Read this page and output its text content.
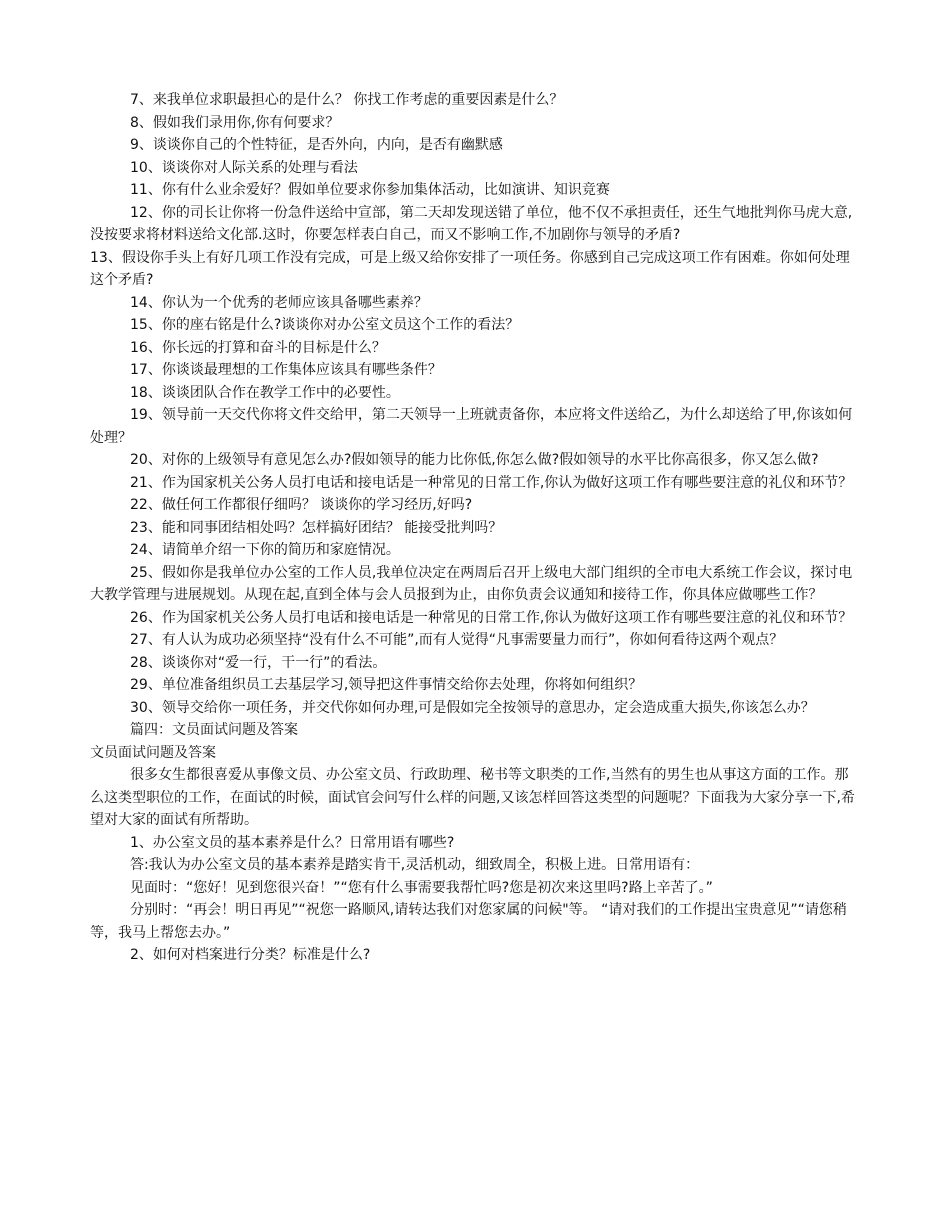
7、来我单位求职最担心的是什么？ 你找工作考虑的重要因素是什么？

8、假如我们录用你,你有何要求？

9、谈谈你自己的个性特征，是否外向，内向，是否有幽默感

10、谈谈你对人际关系的处理与看法

11、你有什么业余爱好？假如单位要求你参加集体活动，比如演讲、知识竞赛

12、你的司长让你将一份急件送给中宣部，第二天却发现送错了单位，他不仅不承担责任，还生气地批判你马虎大意,没按要求将材料送给文化部.这时，你要怎样表白自己，而又不影响工作,不加剧你与领导的矛盾?

13、假设你手头上有好几项工作没有完成，可是上级又给你安排了一项任务。你感到自己完成这项工作有困难。你如何处理这个矛盾?

14、你认为一个优秀的老师应该具备哪些素养？

15、你的座右铭是什么?谈谈你对办公室文员这个工作的看法？

16、你长远的打算和奋斗的目标是什么？

17、你谈谈最理想的工作集体应该具有哪些条件？

18、谈谈团队合作在教学工作中的必要性。

19、领导前一天交代你将文件交给甲，第二天领导一上班就责备你，本应将文件送给乙，为什么却送给了甲,你该如何处理？

20、对你的上级领导有意见怎么办?假如领导的能力比你低,你怎么做?假如领导的水平比你高很多，你又怎么做?

21、作为国家机关公务人员打电话和接电话是一种常见的日常工作,你认为做好这项工作有哪些要注意的礼仪和环节？

22、做任何工作都很仔细吗？ 谈谈你的学习经历,好吗?

23、能和同事团结相处吗？怎样搞好团结？ 能接受批判吗？

24、请简单介绍一下你的简历和家庭情况。

25、假如你是我单位办公室的工作人员,我单位决定在两周后召开上级电大部门组织的全市电大系统工作会议，探讨电大教学管理与进展规划。从现在起,直到全体与会人员报到为止，由你负责会议通知和接待工作，你具体应做哪些工作？

26、作为国家机关公务人员打电话和接电话是一种常见的日常工作,你认为做好这项工作有哪些要注意的礼仪和环节？

27、有人认为成功必须坚持“没有什么不可能”,而有人觉得“凡事需要量力而行”，你如何看待这两个观点？

28、谈谈你对“爱一行，干一行”的看法。

29、单位准备组织员工去基层学习,领导把这件事情交给你去处理，你将如何组织？

30、领导交给你一项任务，并交代你如何办理,可是假如完全按领导的意思办，定会造成重大损失,你该怎么办？

篇四：文员面试问题及答案

文员面试问题及答案

很多女生都很喜爱从事像文员、办公室文员、行政助理、秘书等文职类的工作,当然有的男生也从事这方面的工作。那么这类型职位的工作，在面试的时候，面试官会问写什么样的问题,又该怎样回答这类型的问题呢？下面我为大家分享一下,希望对大家的面试有所帮助。

1、办公室文员的基本素养是什么？日常用语有哪些?

答:我认为办公室文员的基本素养是踏实肯干,灵活机动，细致周全，积极上进。日常用语有：

见面时：“您好！见到您很兴奋！”“您有什么事需要我帮忙吗?您是初次来这里吗?路上辛苦了。”

分别时：“再会！明日再见”“祝您一路顺风,请转达我们对您家属的问候"等。 “请对我们的工作提出宝贵意见”“请您稍等，我马上帮您去办。”

2、如何对档案进行分类？标准是什么?
